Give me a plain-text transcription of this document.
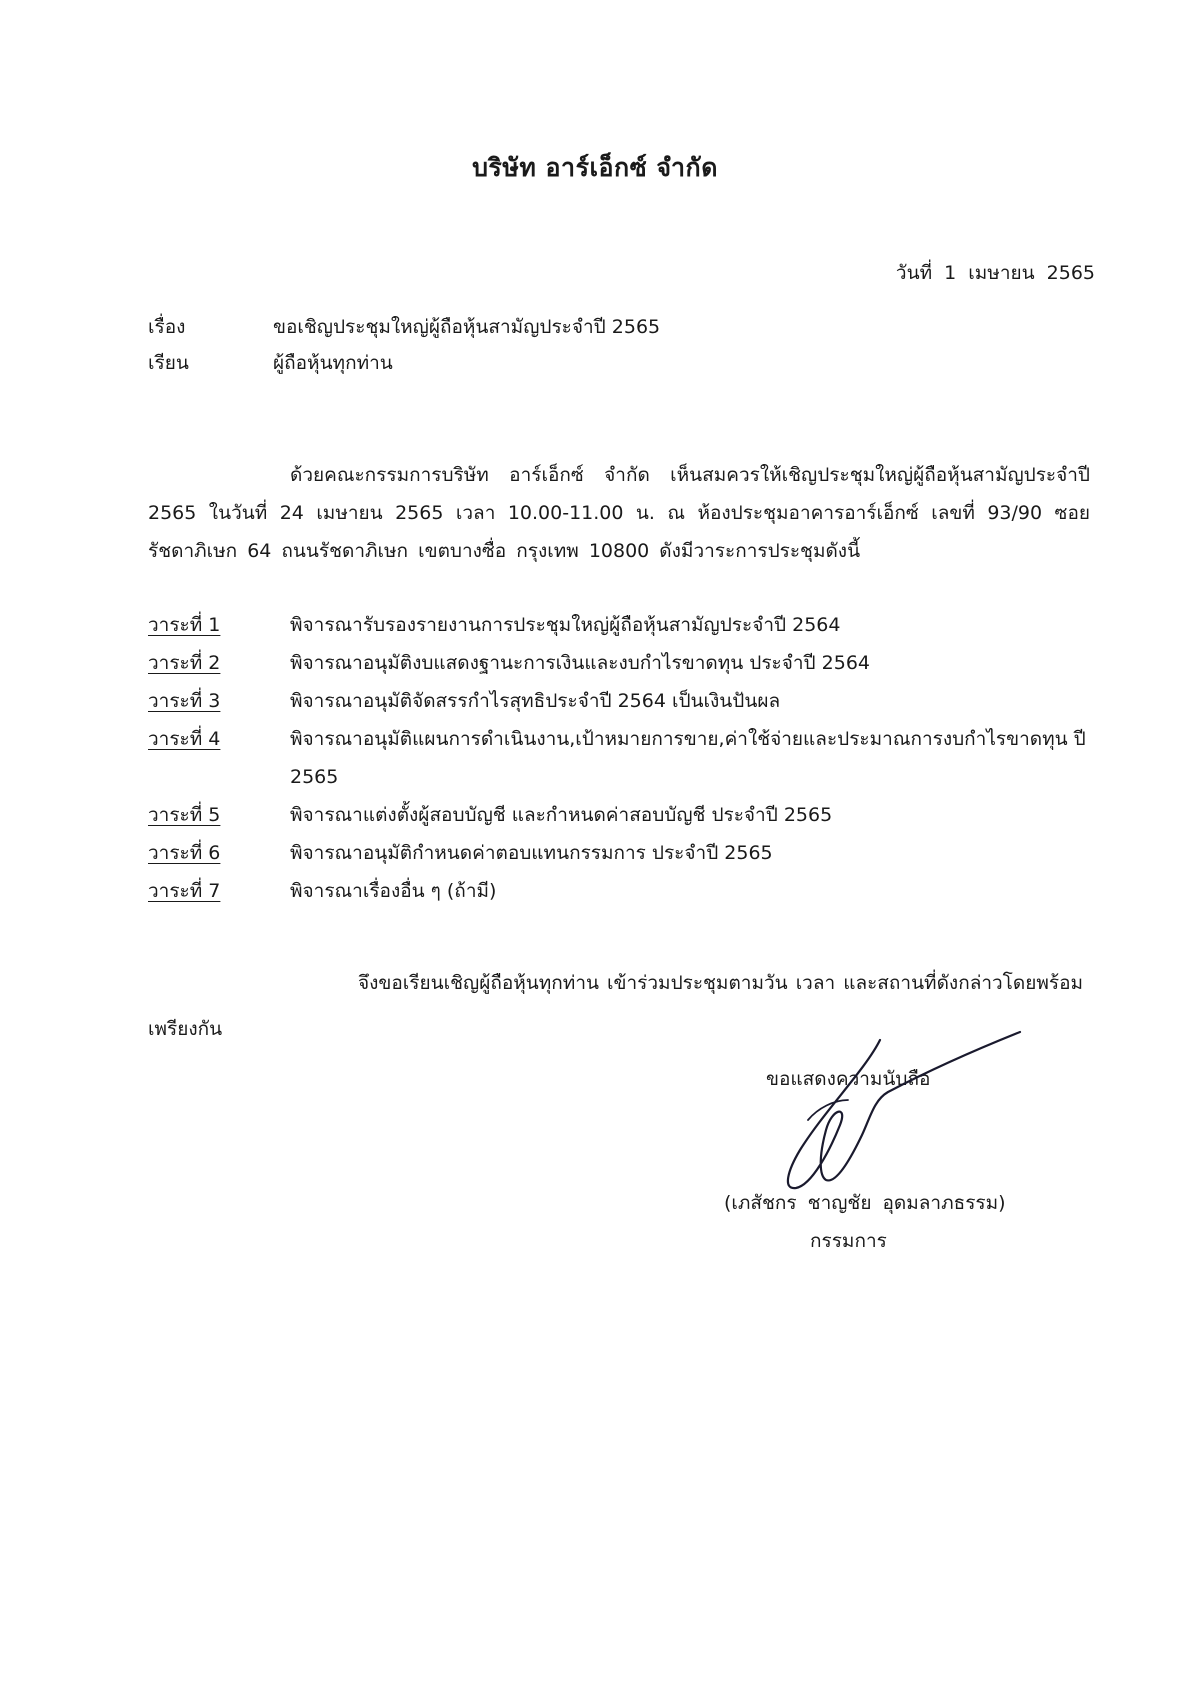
บริษัท อาร์เอ็กซ์ จำกัด
วันที่ 1 เมษายน 2565
เรื่อง	ขอเชิญประชุมใหญ่ผู้ถือหุ้นสามัญประจำปี 2565
เรียน	ผู้ถือหุ้นทุกท่าน
ด้วยคณะกรรมการบริษัท อาร์เอ็กซ์ จำกัด เห็นสมควรให้เชิญประชุมใหญ่ผู้ถือหุ้นสามัญประจำปี 2565 ในวันที่ 24 เมษายน 2565 เวลา 10.00-11.00 น. ณ ห้องประชุมอาคารอาร์เอ็กซ์ เลขที่ 93/90 ซอยรัชดาภิเษก 64 ถนนรัชดาภิเษก เขตบางซื่อ กรุงเทพ 10800 ดังมีวาระการประชุมดังนี้
วาระที่ 1	พิจารณารับรองรายงานการประชุมใหญ่ผู้ถือหุ้นสามัญประจำปี 2564
วาระที่ 2	พิจารณาอนุมัติงบแสดงฐานะการเงินและงบกำไรขาดทุน ประจำปี 2564
วาระที่ 3	พิจารณาอนุมัติจัดสรรกำไรสุทธิประจำปี 2564 เป็นเงินปันผล
วาระที่ 4	พิจารณาอนุมัติแผนการดำเนินงาน,เป้าหมายการขาย,ค่าใช้จ่ายและประมาณการงบกำไรขาดทุน ปี 2565
วาระที่ 5	พิจารณาแต่งตั้งผู้สอบบัญชี และกำหนดค่าสอบบัญชี ประจำปี 2565
วาระที่ 6	พิจารณาอนุมัติกำหนดค่าตอบแทนกรรมการ ประจำปี 2565
วาระที่ 7	พิจารณาเรื่องอื่น ๆ (ถ้ามี)
จึงขอเรียนเชิญผู้ถือหุ้นทุกท่าน เข้าร่วมประชุมตามวัน เวลา และสถานที่ดังกล่าวโดยพร้อมเพรียงกัน
ขอแสดงความนับถือ
(เภสัชกร ชาญชัย อุดมลาภธรรม)
กรรมการ
